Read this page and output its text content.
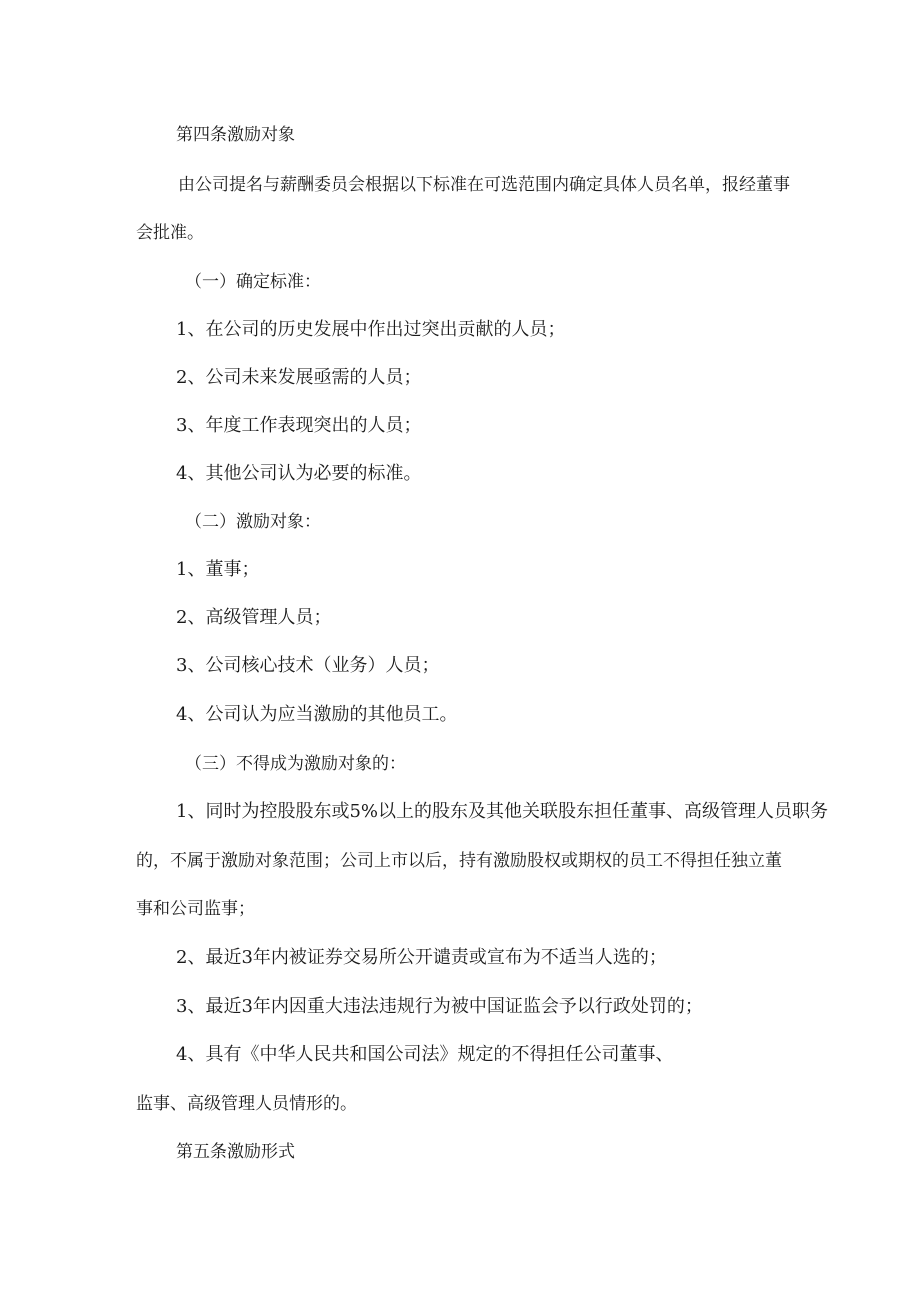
第四条激励对象
由公司提名与薪酬委员会根据以下标准在可选范围内确定具体人员名单，报经董事
会批准。
（一）确定标准：
1、在公司的历史发展中作出过突出贡献的人员；
2、公司未来发展亟需的人员；
3、年度工作表现突出的人员；
4、其他公司认为必要的标准。
（二）激励对象：
1、董事；
2、高级管理人员；
3、公司核心技术（业务）人员；
4、公司认为应当激励的其他员工。
（三）不得成为激励对象的：
1、同时为控股股东或5%以上的股东及其他关联股东担任董事、高级管理人员职务
的，不属于激励对象范围；公司上市以后，持有激励股权或期权的员工不得担任独立董
事和公司监事；
2、最近3年内被证券交易所公开谴责或宣布为不适当人选的；
3、最近3年内因重大违法违规行为被中国证监会予以行政处罚的；
4、具有《中华人民共和国公司法》规定的不得担任公司董事、
监事、高级管理人员情形的。
第五条激励形式
